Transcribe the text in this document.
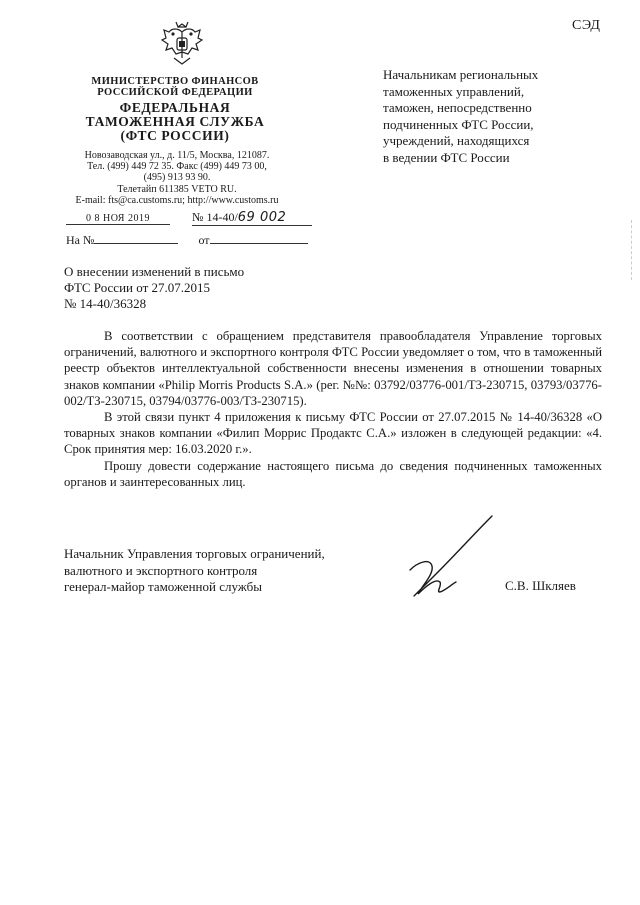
СЭД
МИНИСТЕРСТВО ФИНАНСОВ
РОССИЙСКОЙ ФЕДЕРАЦИИ
ФЕДЕРАЛЬНАЯ
ТАМОЖЕННАЯ СЛУЖБА
(ФТС РОССИИ)
Новозаводская ул., д. 11/5, Москва, 121087.
Тел. (499) 449 72 35. Факс (499) 449 73 00,
(495) 913 93 90.
Телетайп 611385 VETO RU.
E-mail: fts@ca.customs.ru; http://www.customs.ru
0 8 НОЯ 2019	№ 14-40/69 002
На №	от
Начальникам региональных
таможенных управлений,
таможен, непосредственно
подчиненных ФТС России,
учреждений, находящихся
в ведении ФТС России
О внесении изменений в письмо
ФТС России от 27.07.2015
№ 14-40/36328

В соответствии с обращением представителя правообладателя Управление торговых ограничений, валютного и экспортного контроля ФТС России уведомляет о том, что в таможенный реестр объектов интеллектуальной собственности внесены изменения в отношении товарных знаков компании «Philip Morris Products S.A.» (рег. №№: 03792/03776-001/ТЗ-230715, 03793/03776-002/ТЗ-230715, 03794/03776-003/ТЗ-230715).

В этой связи пункт 4 приложения к письму ФТС России от 27.07.2015 № 14-40/36328 «О товарных знаков компании «Филип Моррис Продактс С.А.» изложен в следующей редакции: «4. Срок принятия мер: 16.03.2020 г.».

Прошу довести содержание настоящего письма до сведения подчиненных таможенных органов и заинтересованных лиц.

Начальник Управления торговых ограничений,
валютного и экспортного контроля
генерал-майор таможенной службы	С.В. Шкляев
